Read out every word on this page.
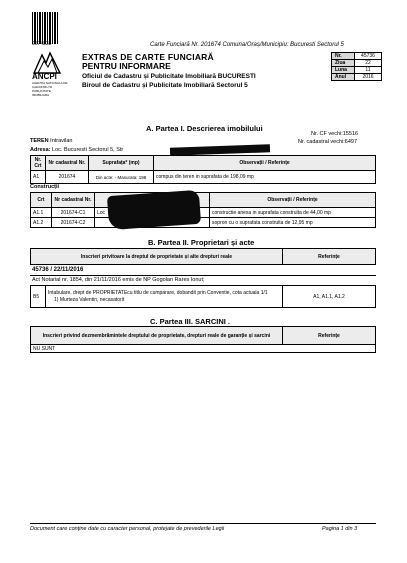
9674838
ANCPI
AGENTIA NATIONALA DE CADASTRU SI PUBLICITATE IMOBILIARA
Carte Funciară Nr. 201674 Comuna/Oraș/Municipiu: Bucuresti Sectorul 5
EXTRAS DE CARTE FUNCIARĂ
PENTRU INFORMARE
Oficiul de Cadastru și Publicitate Imobiliară BUCURESTI
Biroul de Cadastru și Publicitate Imobiliară Sectorul 5
Nr.	45736
Ziua	22
Luna	11
Anul	2016
A. Partea I. Descrierea imobilului
Nr. CF vechi:15516
TEREN Intravilan	Nr. cadastral vechi:6497
Adresa: Loc. Bucuresti Sectorul 5, Str
Nr. Crt	Nr cadastral Nr.	Suprafața* (mp)	Observații / Referințe
A1	201674	Din acte: - Masurata: 198	compus din teren in suprafata de 198,09 mp
Construcții
Crt	Nr cadastral Nr.		Observații / Referințe
A1.1	201674-C1	Loc	constructie anexa in suprafata construita de 44,00 mp
A1.2	201674-C2		sopron cu o suprafata construita de 12,95 mp
B. Partea II. Proprietari și acte
Inscrieri privitoare la dreptul de proprietate și alte drepturi reale	Referințe
45736 / 22/11/2016
Act Notarial nr. 1854, din 21/11/2016 emis de NP Gogolan Rares Ionut;
B5	
Intabulare, drept de PROPRIETATEcu titlu de cumparare, dobandit prin Conventie, cota actuala 1/1
1) Murteza Valentin, necasatorit	A1, A1.1, A1.2
C. Partea III. SARCINI .
Inscrieri privind dezmembrămintele dreptului de proprietate, drepturi reale de garanție și sarcini	Referințe
NU SUNT
Document care conține date cu caracter personal, protejate de prevederile Legii	Pagina 1 din 3
